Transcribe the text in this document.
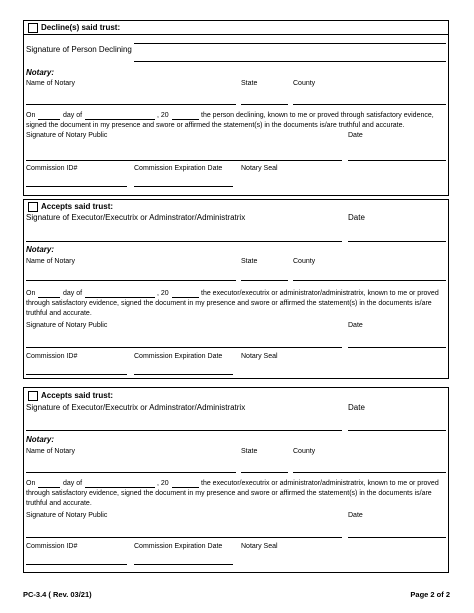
Decline(s) said trust:
Signature of Person Declining
Notary:
Name of Notary	State	County
On	day of	, 20	the person declining, known to me or proved through satisfactory evidence,
signed the document in my presence and swore or affirmed the statement(s) in the documents is/are truthful and accurate.
Signature of Notary Public	Date
Commission ID#	Commission Expiration Date	Notary Seal
Accepts said trust:
Signature of Executor/Executrix or Adminstrator/Administratrix	Date
Notary:
Name of Notary	State	County
On	day of	, 20	the executor/executrix or administrator/administratrix, known to me or proved
through satisfactory evidence, signed the document in my presence and swore or affirmed the statement(s) in the documents is/are
truthful and accurate.
Signature of Notary Public	Date
Commission ID#	Commission Expiration Date	Notary Seal
Accepts said trust:
Signature of Executor/Executrix or Adminstrator/Administratrix	Date
Notary:
Name of Notary	State	County
On	day of	, 20	the executor/executrix or administrator/administratrix, known to me or proved
through satisfactory evidence, signed the document in my presence and swore or affirmed the statement(s) in the documents is/are
truthful and accurate.
Signature of Notary Public	Date
Commission ID#	Commission Expiration Date	Notary Seal
PC-3.4 ( Rev. 03/21)	Page 2 of 2
